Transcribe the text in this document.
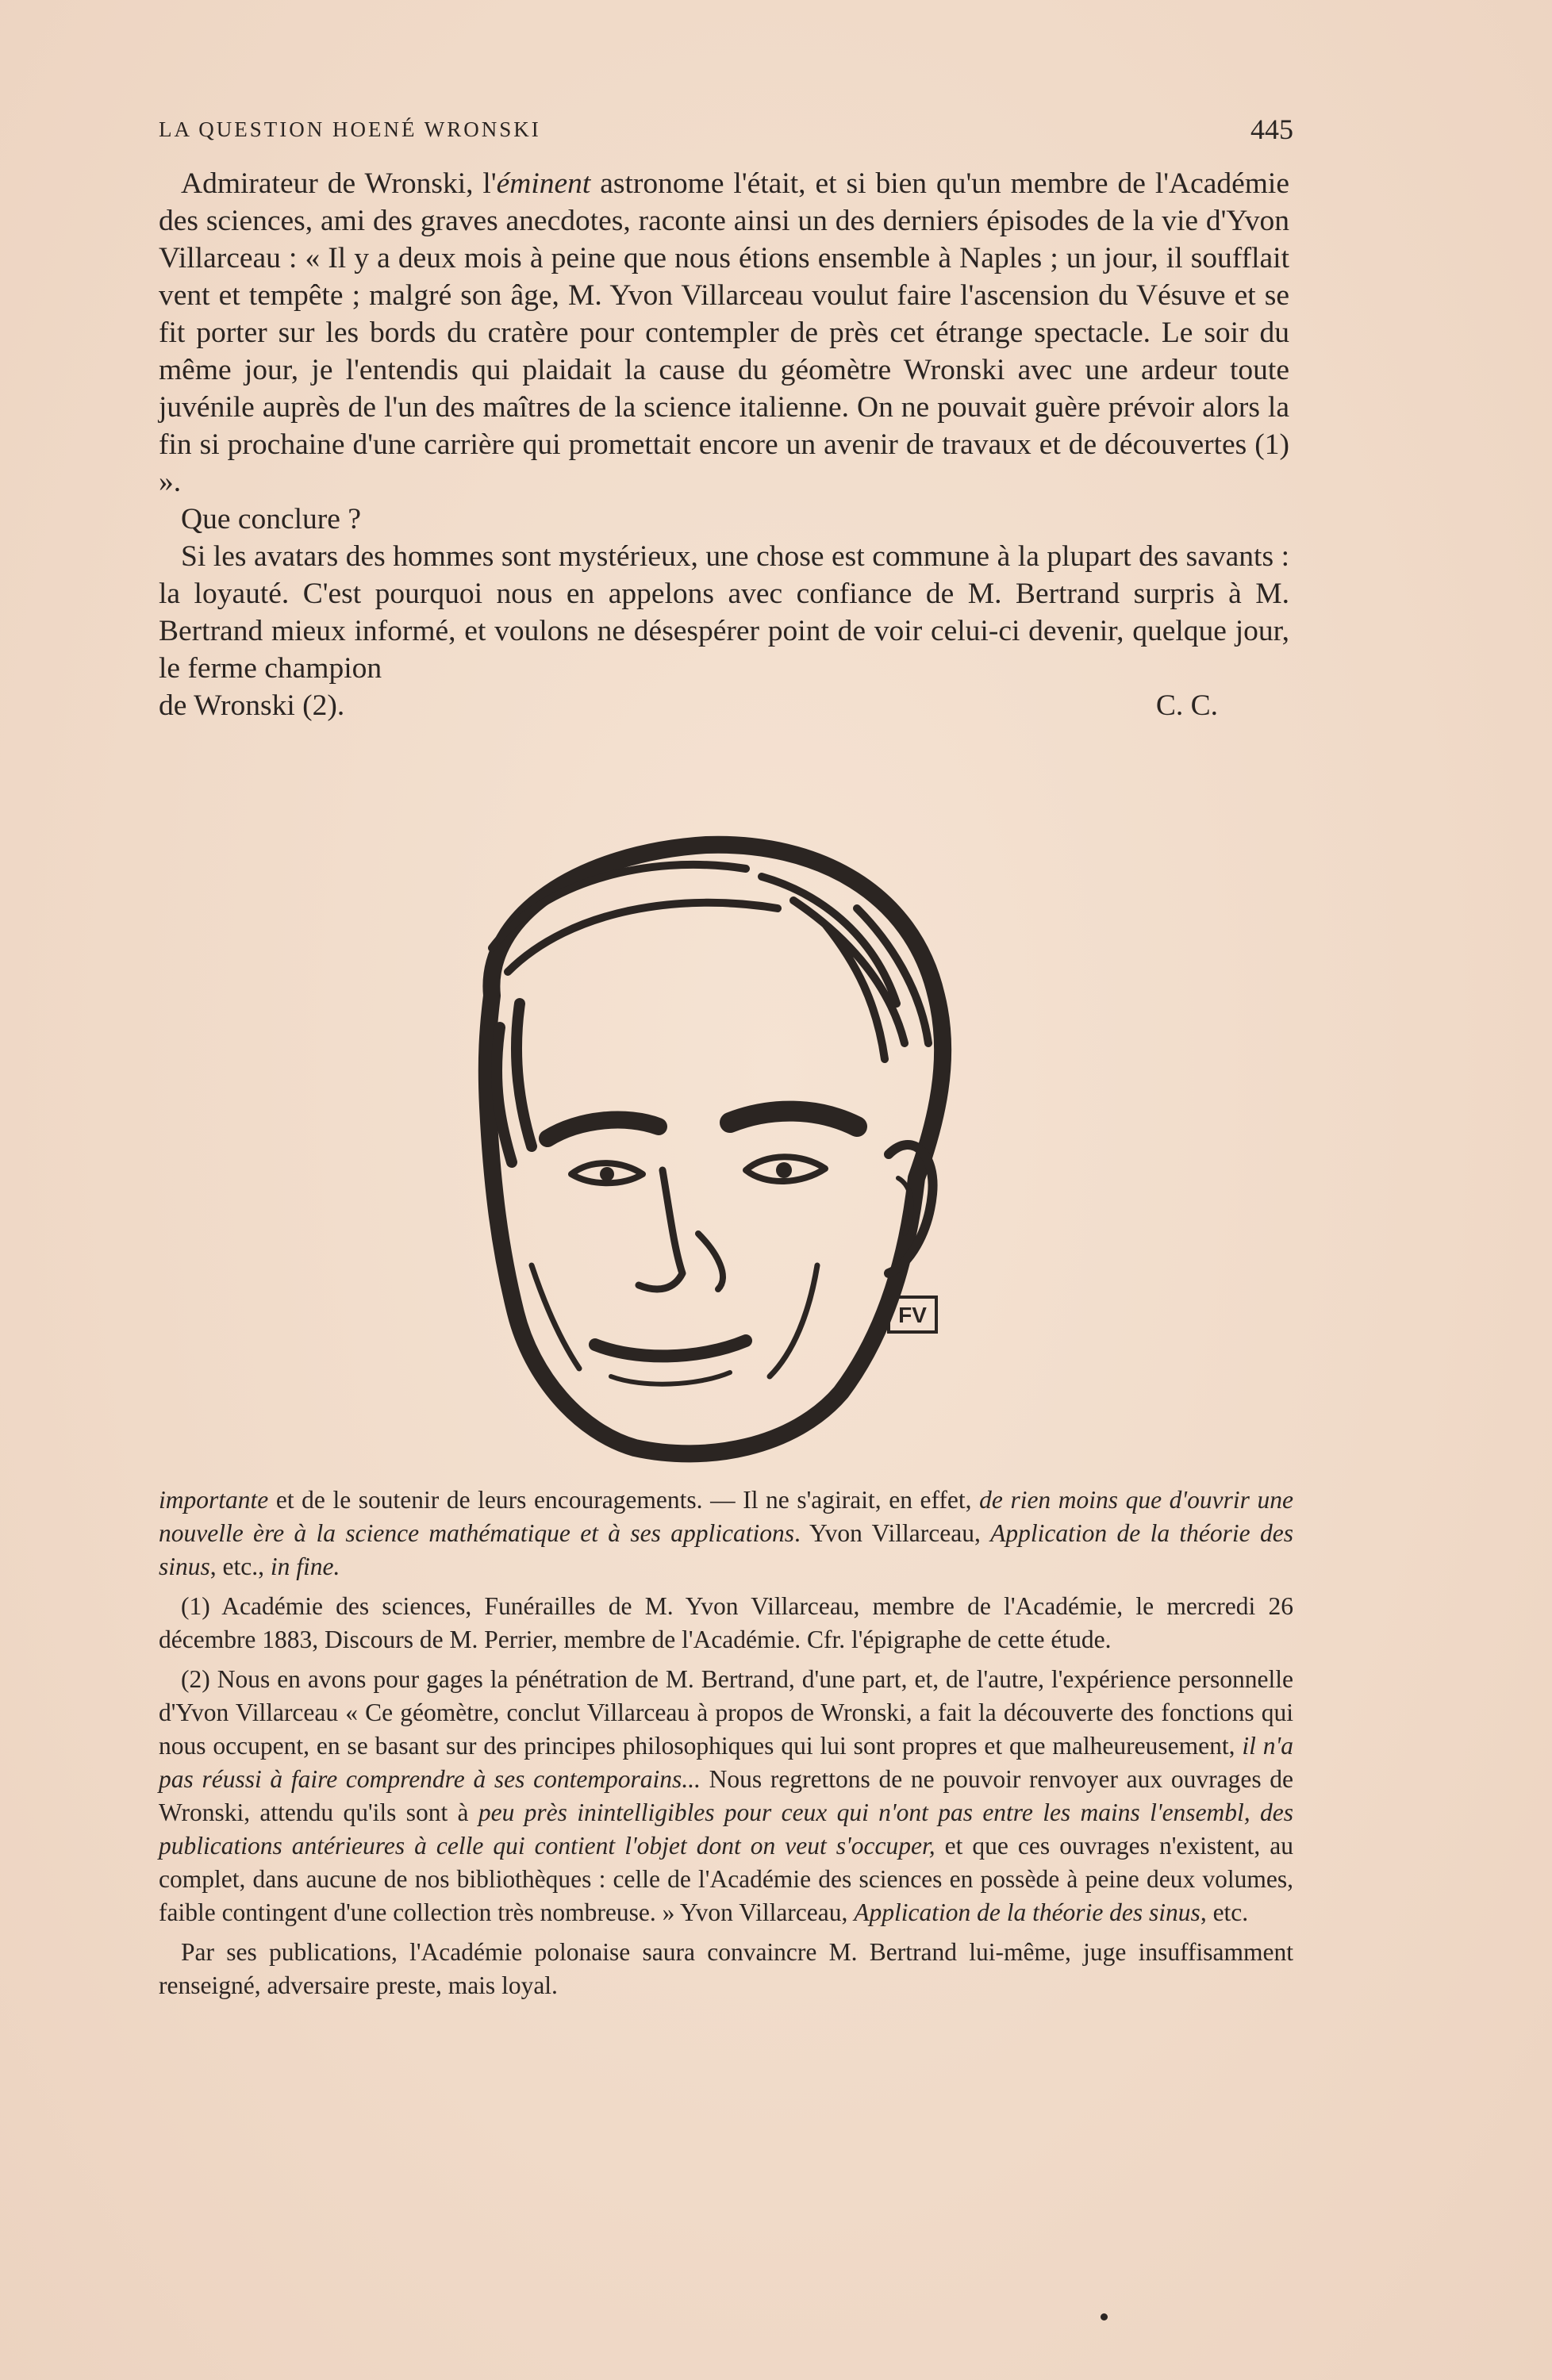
LA QUESTION HOENÉ WRONSKI	445

Admirateur de Wronski, l'éminent astronome l'était, et si bien qu'un membre de l'Académie des sciences, ami des graves anecdotes, raconte ainsi un des derniers épisodes de la vie d'Yvon Villarceau : « Il y a deux mois à peine que nous étions ensemble à Naples ; un jour, il soufflait vent et tempête ; malgré son âge, M. Yvon Villarceau voulut faire l'ascension du Vésuve et se fit porter sur les bords du cratère pour contempler de près cet étrange spectacle. Le soir du même jour, je l'entendis qui plaidait la cause du géomètre Wronski avec une ardeur toute juvénile auprès de l'un des maîtres de la science italienne. On ne pouvait guère prévoir alors la fin si prochaine d'une carrière qui promettait encore un avenir de travaux et de découvertes (1) ».

Que conclure ?

Si les avatars des hommes sont mystérieux, une chose est commune à la plupart des savants : la loyauté. C'est pourquoi nous en appelons avec confiance de M. Bertrand surpris à M. Bertrand mieux informé, et voulons ne désespérer point de voir celui-ci devenir, quelque jour, le ferme champion

de Wronski (2).	C. C.
FV

importante et de le soutenir de leurs encouragements. — Il ne s'agirait, en effet, de rien moins que d'ouvrir une nouvelle ère à la science mathématique et à ses applications. Yvon Villarceau, Application de la théorie des sinus, etc., in fine.

(1) Académie des sciences, Funérailles de M. Yvon Villarceau, membre de l'Académie, le mercredi 26 décembre 1883, Discours de M. Perrier, membre de l'Académie. Cfr. l'épigraphe de cette étude.

(2) Nous en avons pour gages la pénétration de M. Bertrand, d'une part, et, de l'autre, l'expérience personnelle d'Yvon Villarceau « Ce géomètre, conclut Villarceau à propos de Wronski, a fait la découverte des fonctions qui nous occupent, en se basant sur des principes philosophiques qui lui sont propres et que malheureusement, il n'a pas réussi à faire comprendre à ses contemporains... Nous regrettons de ne pouvoir renvoyer aux ouvrages de Wronski, attendu qu'ils sont à peu près inintelligibles pour ceux qui n'ont pas entre les mains l'ensembl, des publications antérieures à celle qui contient l'objet dont on veut s'occuper, et que ces ouvrages n'existent, au complet, dans aucune de nos bibliothèques : celle de l'Académie des sciences en possède à peine deux volumes, faible contingent d'une collection très nombreuse. » Yvon Villarceau, Application de la théorie des sinus, etc.

Par ses publications, l'Académie polonaise saura convaincre M. Bertrand lui-même, juge insuffisamment renseigné, adversaire preste, mais loyal.
